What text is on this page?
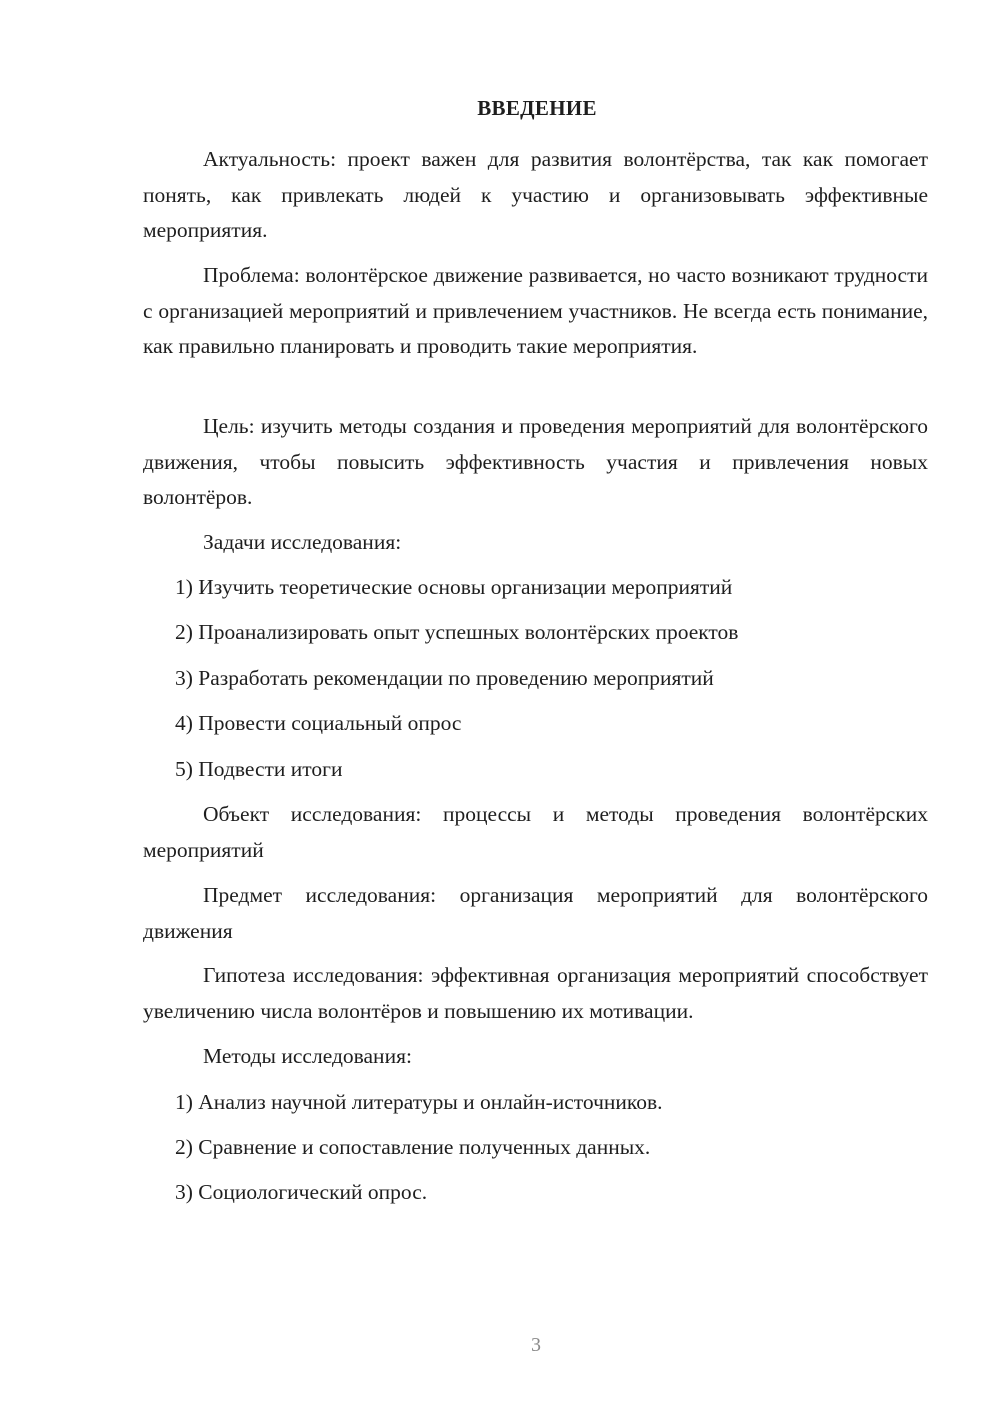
ВВЕДЕНИЕ
Актуальность: проект важен для развития волонтёрства, так как помогает понять, как привлекать людей к участию и организовывать эффективные мероприятия.
Проблема: волонтёрское движение развивается, но часто возникают трудности с организацией мероприятий и привлечением участников. Не всегда есть понимание, как правильно планировать и проводить такие мероприятия.
Цель: изучить методы создания и проведения мероприятий для волонтёрского движения, чтобы повысить эффективность участия и привлечения новых волонтёров.
Задачи исследования:
1) Изучить теоретические основы организации мероприятий
2) Проанализировать опыт успешных волонтёрских проектов
3) Разработать рекомендации по проведению мероприятий
4) Провести социальный опрос
5) Подвести итоги
Объект исследования: процессы и методы проведения волонтёрских мероприятий
Предмет исследования: организация мероприятий для волонтёрского движения
Гипотеза исследования: эффективная организация мероприятий способствует увеличению числа волонтёров и повышению их мотивации.
Методы исследования:
1) Анализ научной литературы и онлайн-источников.
2) Сравнение и сопоставление полученных данных.
3) Социологический опрос.
3
